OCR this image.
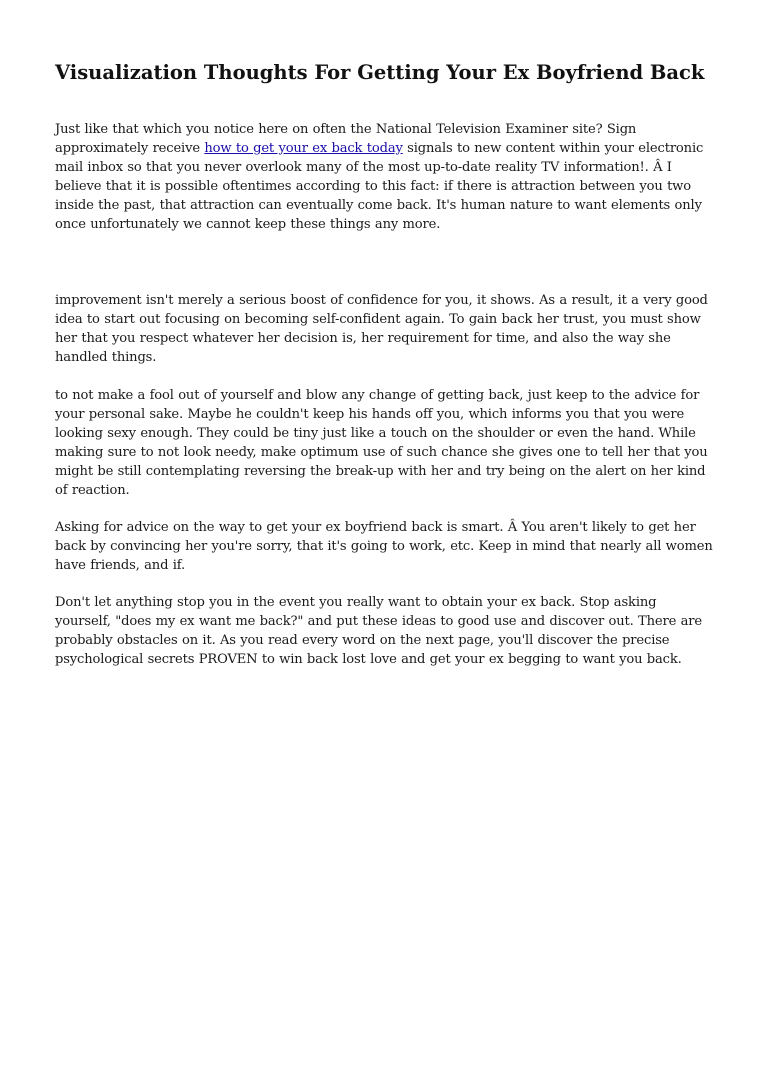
Visualization Thoughts For Getting Your Ex Boyfriend Back

Just like that which you notice here on often the National Television Examiner site? Sign approximately receive how to get your ex back today signals to new content within your electronic mail inbox so that you never overlook many of the most up-to-date reality TV information!. Â I believe that it is possible oftentimes according to this fact: if there is attraction between you two inside the past, that attraction can eventually come back. It's human nature to want elements only once unfortunately we cannot keep these things any more.

improvement isn't merely a serious boost of confidence for you, it shows. As a result, it a very good idea to start out focusing on becoming self-confident again. To gain back her trust, you must show her that you respect whatever her decision is, her requirement for time, and also the way she handled things.

to not make a fool out of yourself and blow any change of getting back, just keep to the advice for your personal sake. Maybe he couldn't keep his hands off you, which informs you that you were looking sexy enough. They could be tiny just like a touch on the shoulder or even the hand. While making sure to not look needy, make optimum use of such chance she gives one to tell her that you might be still contemplating reversing the break-up with her and try being on the alert on her kind of reaction.

Asking for advice on the way to get your ex boyfriend back is smart. Â You aren't likely to get her back by convincing her you're sorry, that it's going to work, etc. Keep in mind that nearly all women have friends, and if.

Don't let anything stop you in the event you really want to obtain your ex back. Stop asking yourself, "does my ex want me back?" and put these ideas to good use and discover out. There are probably obstacles on it. As you read every word on the next page, you'll discover the precise psychological secrets PROVEN to win back lost love and get your ex begging to want you back.
